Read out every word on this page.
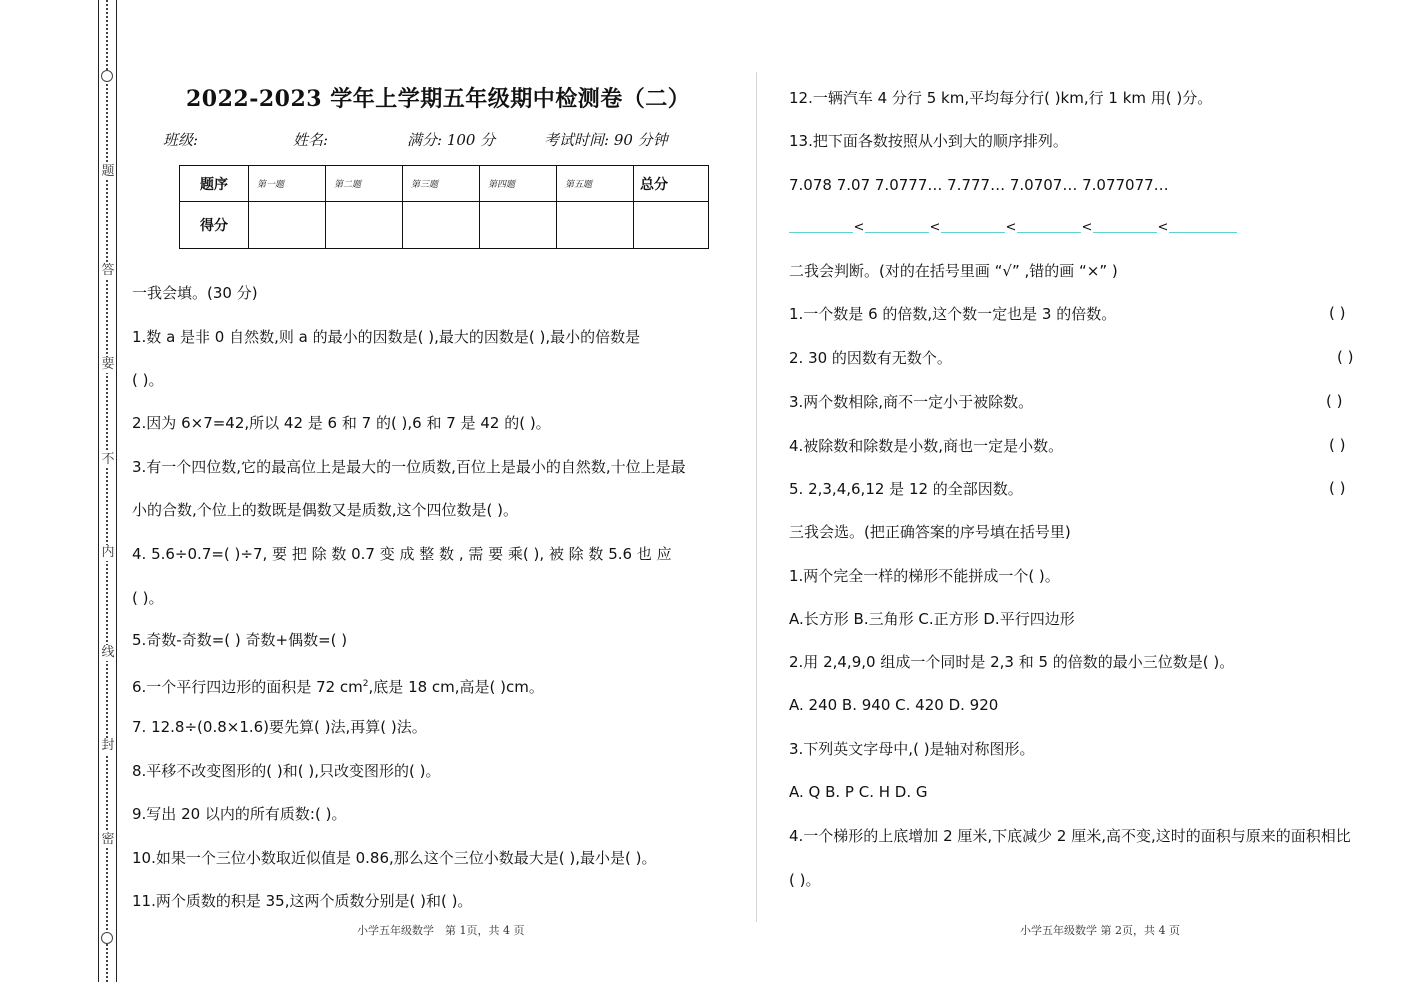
题
答
要
不
内
线
封
密
2022-2023 学年上学期五年级期中检测卷（二）
班级:	姓名:	满分: 100 分	考试时间: 90 分钟
题序	第一题	第二题	第三题	第四题	第五题	总分
得分						
一我会填。(30 分)
1.数 a 是非 0 自然数,则 a 的最小的因数是( ),最大的因数是( ),最小的倍数是
( )。
2.因为 6×7=42,所以 42 是 6 和 7 的( ),6 和 7 是 42 的( )。
3.有一个四位数,它的最高位上是最大的一位质数,百位上是最小的自然数,十位上是最
小的合数,个位上的数既是偶数又是质数,这个四位数是( )。
4. 5.6÷0.7=( )÷7, 要 把 除 数 0.7 变 成 整 数 , 需 要 乘( ), 被 除 数 5.6 也 应
( )。
5.奇数-奇数=( ) 奇数+偶数=( )
6.一个平行四边形的面积是 72 $cm^2$,底是 18 cm,高是( )cm。
7. 12.8÷(0.8×1.6)要先算( )法,再算( )法。
8.平移不改变图形的( )和( ),只改变图形的( )。
9.写出 20 以内的所有质数:( )。
10.如果一个三位小数取近似值是 0.86,那么这个三位小数最大是( ),最小是( )。
11.两个质数的积是 35,这两个质数分别是( )和( )。
小学五年级数学　第 1页，共 4 页
12.一辆汽车 4 分行 5 km,平均每分行( )km,行 1 km 用( )分。
13.把下面各数按照从小到大的顺序排列。
7.078 7.07 7.0777… 7.777… 7.0707… 7.077077…
<	<	<	<	<
二我会判断。(对的在括号里画 “√” ,错的画 “×” )
1.一个数是 6 的倍数,这个数一定也是 3 的倍数。	( )
2. 30 的因数有无数个。	( )
3.两个数相除,商不一定小于被除数。	( )
4.被除数和除数是小数,商也一定是小数。	( )
5. 2,3,4,6,12 是 12 的全部因数。	( )
三我会选。(把正确答案的序号填在括号里)
1.两个完全一样的梯形不能拼成一个( )。
A.长方形 B.三角形 C.正方形 D.平行四边形
2.用 2,4,9,0 组成一个同时是 2,3 和 5 的倍数的最小三位数是( )。
A. 240 B. 940 C. 420 D. 920
3.下列英文字母中,( )是轴对称图形。
A. Q B. P C. H D. G
4.一个梯形的上底增加 2 厘米,下底减少 2 厘米,高不变,这时的面积与原来的面积相比
( )。
小学五年级数学 第 2页，共 4 页
